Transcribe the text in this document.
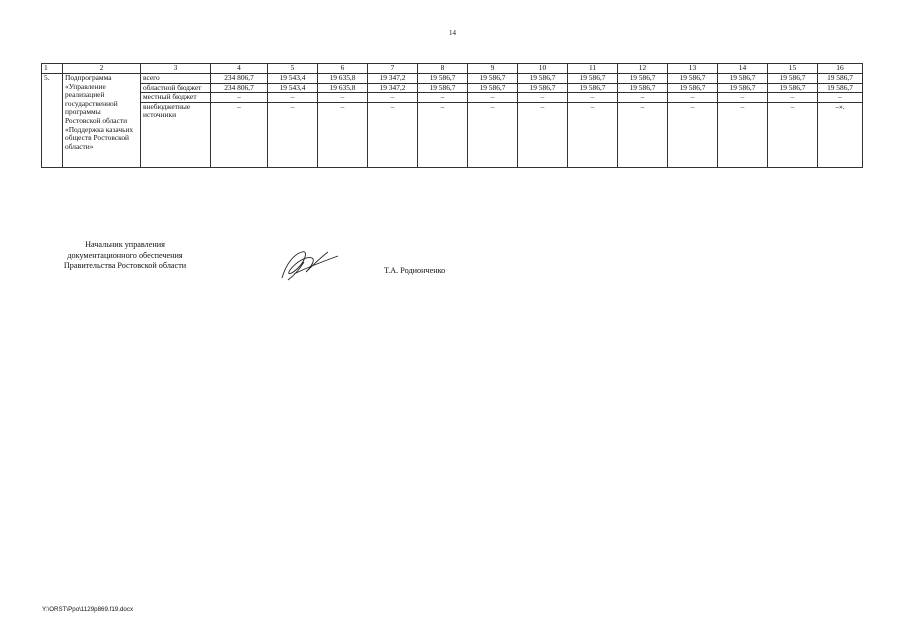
14
1	2	3	4	5	6	7	8	9	10	11	12	13	14	15	16
5.	Подпрограмма «Управление реализацией государственной программы Ростовской области «Поддержка казачьих обществ Ростовской области»	всего	234 806,7	19 543,4	19 635,8	19 347,2	19 586,7	19 586,7	19 586,7	19 586,7	19 586,7	19 586,7	19 586,7	19 586,7	19 586,7
		областной бюджет	234 806,7	19 543,4	19 635,8	19 347,2	19 586,7	19 586,7	19 586,7	19 586,7	19 586,7	19 586,7	19 586,7	19 586,7	19 586,7
		местный бюджет	–	–	–	–	–	–	–	–	–	–	–	–	–
		внебюджетные источники	–	–	–	–	–	–	–	–	–	–	–	–	–».
Начальник управления
документационного обеспечения
Правительства Ростовской области
Т.А. Родионченко
Y:\ORST\Ppo\1129p869.f19.docx
